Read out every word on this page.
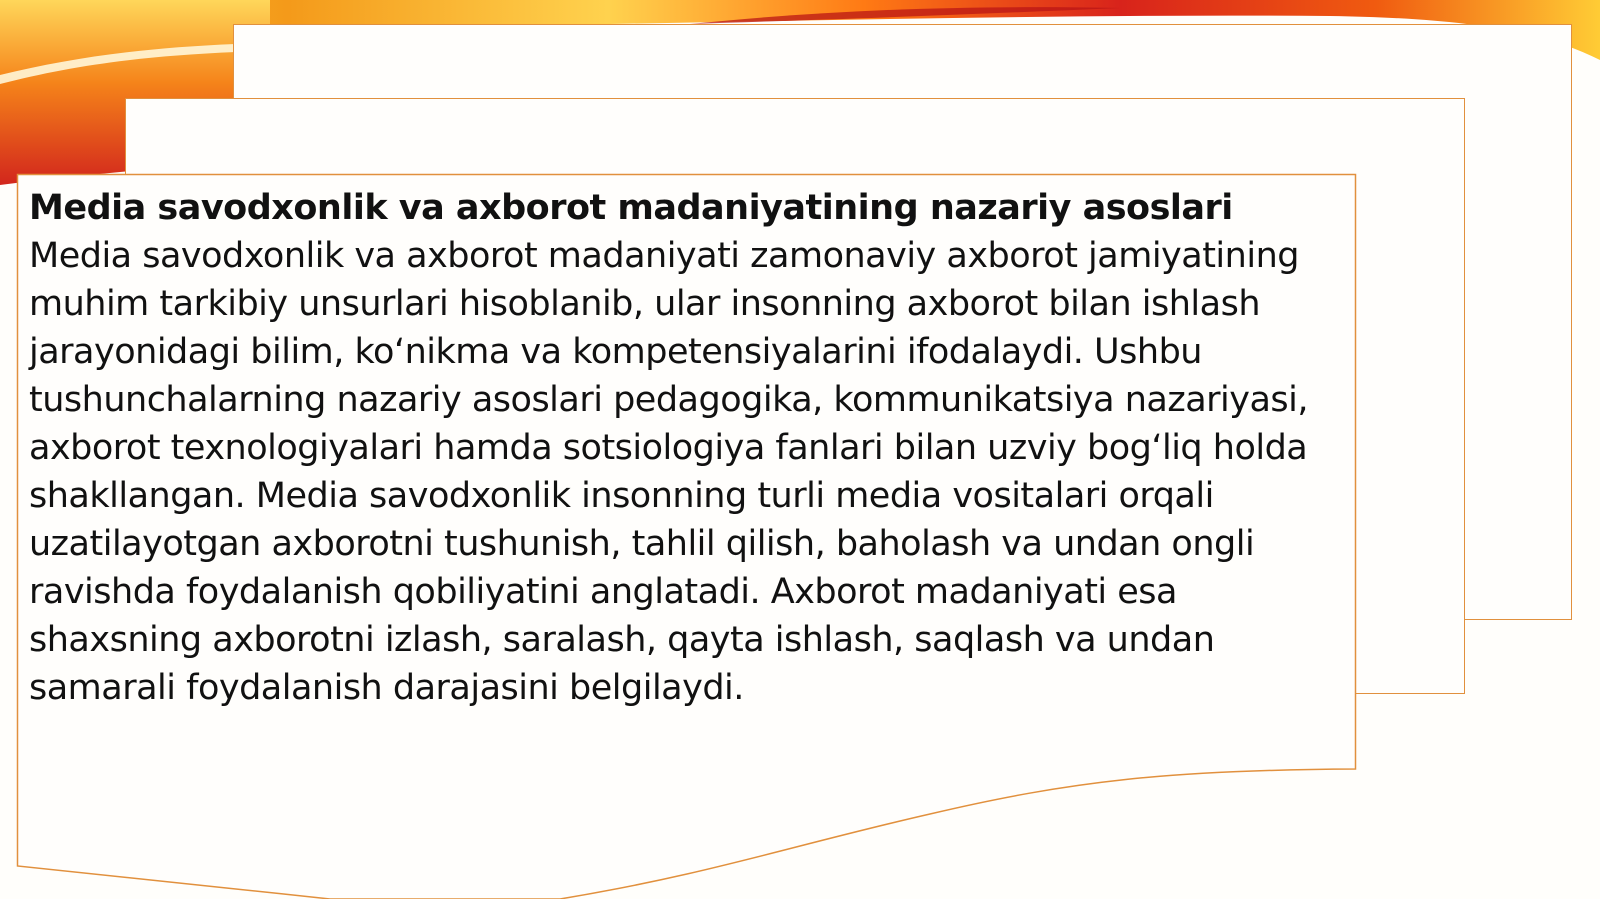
Media savodxonlik va axborot madaniyatining nazariy asoslari
Media savodxonlik va axborot madaniyati zamonaviy axborot jamiyatining muhim tarkibiy unsurlari hisoblanib, ular insonning axborot bilan ishlash jarayonidagi bilim, ko‘nikma va kompetensiyalarini ifodalaydi. Ushbu tushunchalarning nazariy asoslari pedagogika, kommunikatsiya nazariyasi, axborot texnologiyalari hamda sotsiologiya fanlari bilan uzviy bog‘liq holda shakllangan. Media savodxonlik insonning turli media vositalari orqali uzatilayotgan axborotni tushunish, tahlil qilish, baholash va undan ongli ravishda foydalanish qobiliyatini anglatadi. Axborot madaniyati esa shaxsning axborotni izlash, saralash, qayta ishlash, saqlash va undan samarali foydalanish darajasini belgilaydi.
